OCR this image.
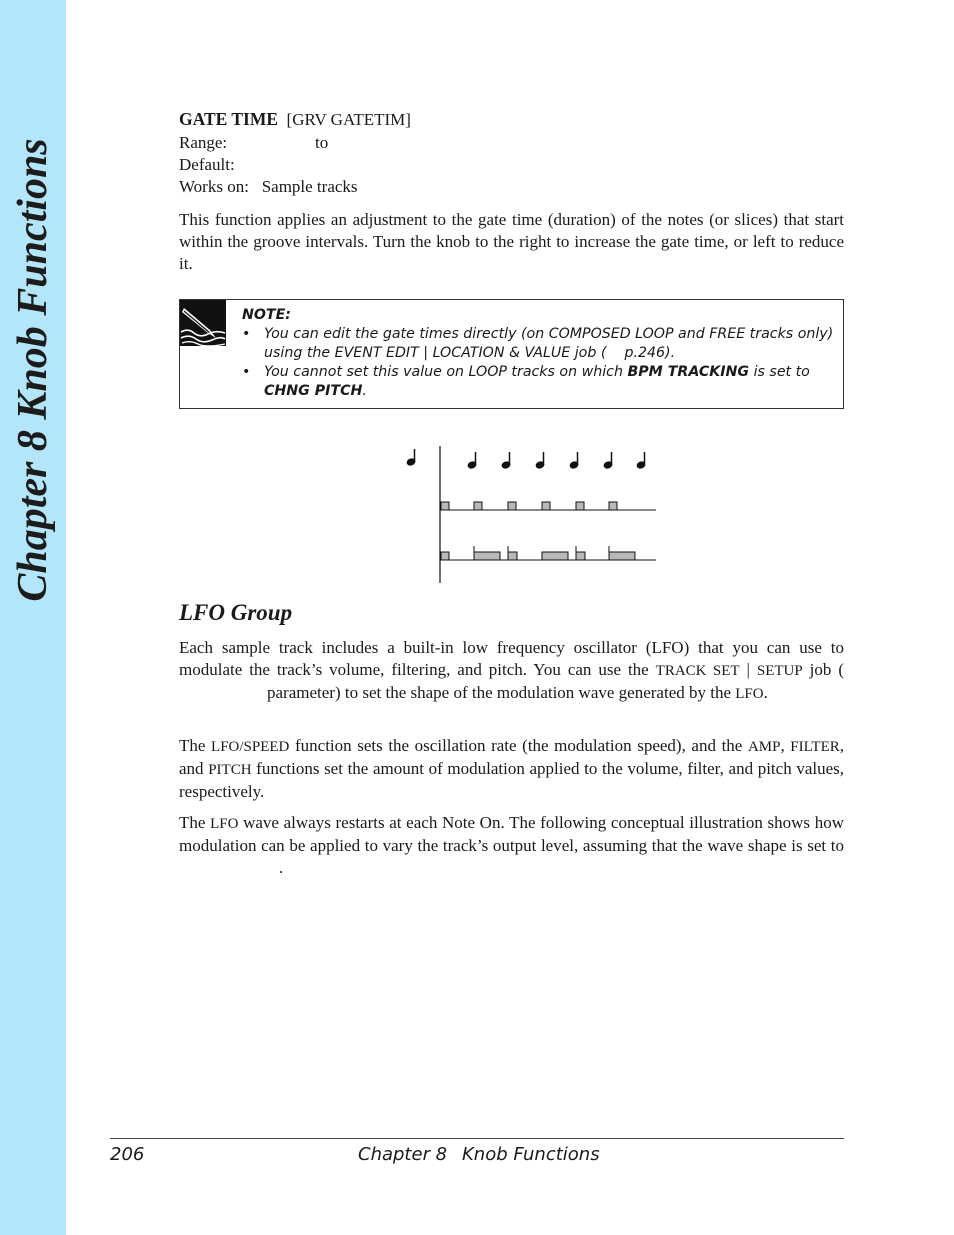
Chapter 8 Knob Functions
GATE TIME [GRV GATETIM]
Range:	to
Default:
Works on: Sample tracks
This function applies an adjustment to the gate time (duration) of the notes (or slices) that start within the groove intervals. Turn the knob to the right to increase the gate time, or left to reduce it.
NOTE:
• You can edit the gate times directly (on COMPOSED LOOP and FREE tracks only) using the EVENT EDIT | LOCATION & VALUE job ( p.246).
• You cannot set this value on LOOP tracks on which BPM TRACKING is set to CHNG PITCH.
LFO Group
Each sample track includes a built-in low frequency oscillator (LFO) that you can use to modulate the track’s volume, filtering, and pitch. You can use the TRACK SET | SETUP job (parameter) to set the shape of the modulation wave generated by the LFO.
The LFO/SPEED function sets the oscillation rate (the modulation speed), and the AMP, FILTER, and PITCH functions set the amount of modulation applied to the volume, filter, and pitch values, respectively.
The LFO wave always restarts at each Note On. The following conceptual illustration shows how modulation can be applied to vary the track’s output level, assuming that the wave shape is set to.
206	Chapter 8 Knob Functions
